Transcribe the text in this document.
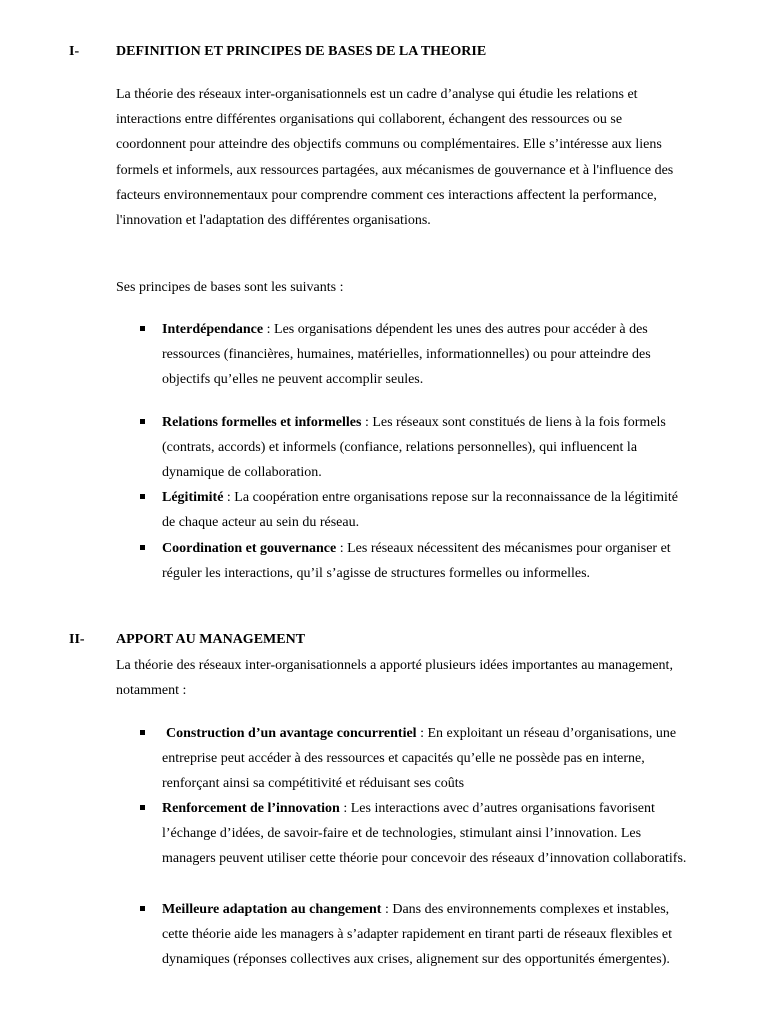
I-	DEFINITION ET PRINCIPES DE BASES DE LA THEORIE

La théorie des réseaux inter-organisationnels est un cadre d’analyse qui étudie les relations et interactions entre différentes organisations qui collaborent, échangent des ressources ou se coordonnent pour atteindre des objectifs communs ou complémentaires. Elle s’intéresse aux liens formels et informels, aux ressources partagées, aux mécanismes de gouvernance et à l'influence des facteurs environnementaux pour comprendre comment ces interactions affectent la performance, l'innovation et l'adaptation des différentes organisations.

Ses principes de bases sont les suivants :

Interdépendance : Les organisations dépendent les unes des autres pour accéder à des ressources (financières, humaines, matérielles, informationnelles) ou pour atteindre des objectifs qu’elles ne peuvent accomplir seules.
Relations formelles et informelles : Les réseaux sont constitués de liens à la fois formels (contrats, accords) et informels (confiance, relations personnelles), qui influencent la dynamique de collaboration.
Légitimité : La coopération entre organisations repose sur la reconnaissance de la légitimité de chaque acteur au sein du réseau.
Coordination et gouvernance : Les réseaux nécessitent des mécanismes pour organiser et réguler les interactions, qu’il s’agisse de structures formelles ou informelles.
II- APPORT AU MANAGEMENT

La théorie des réseaux inter-organisationnels a apporté plusieurs idées importantes au management, notamment :

Construction d’un avantage concurrentiel : En exploitant un réseau d’organisations, une entreprise peut accéder à des ressources et capacités qu’elle ne possède pas en interne, renforçant ainsi sa compétitivité et réduisant ses coûts
Renforcement de l’innovation : Les interactions avec d’autres organisations favorisent l’échange d’idées, de savoir-faire et de technologies, stimulant ainsi l’innovation. Les managers peuvent utiliser cette théorie pour concevoir des réseaux d’innovation collaboratifs.
Meilleure adaptation au changement : Dans des environnements complexes et instables, cette théorie aide les managers à s’adapter rapidement en tirant parti de réseaux flexibles et dynamiques (réponses collectives aux crises, alignement sur des opportunités émergentes).
